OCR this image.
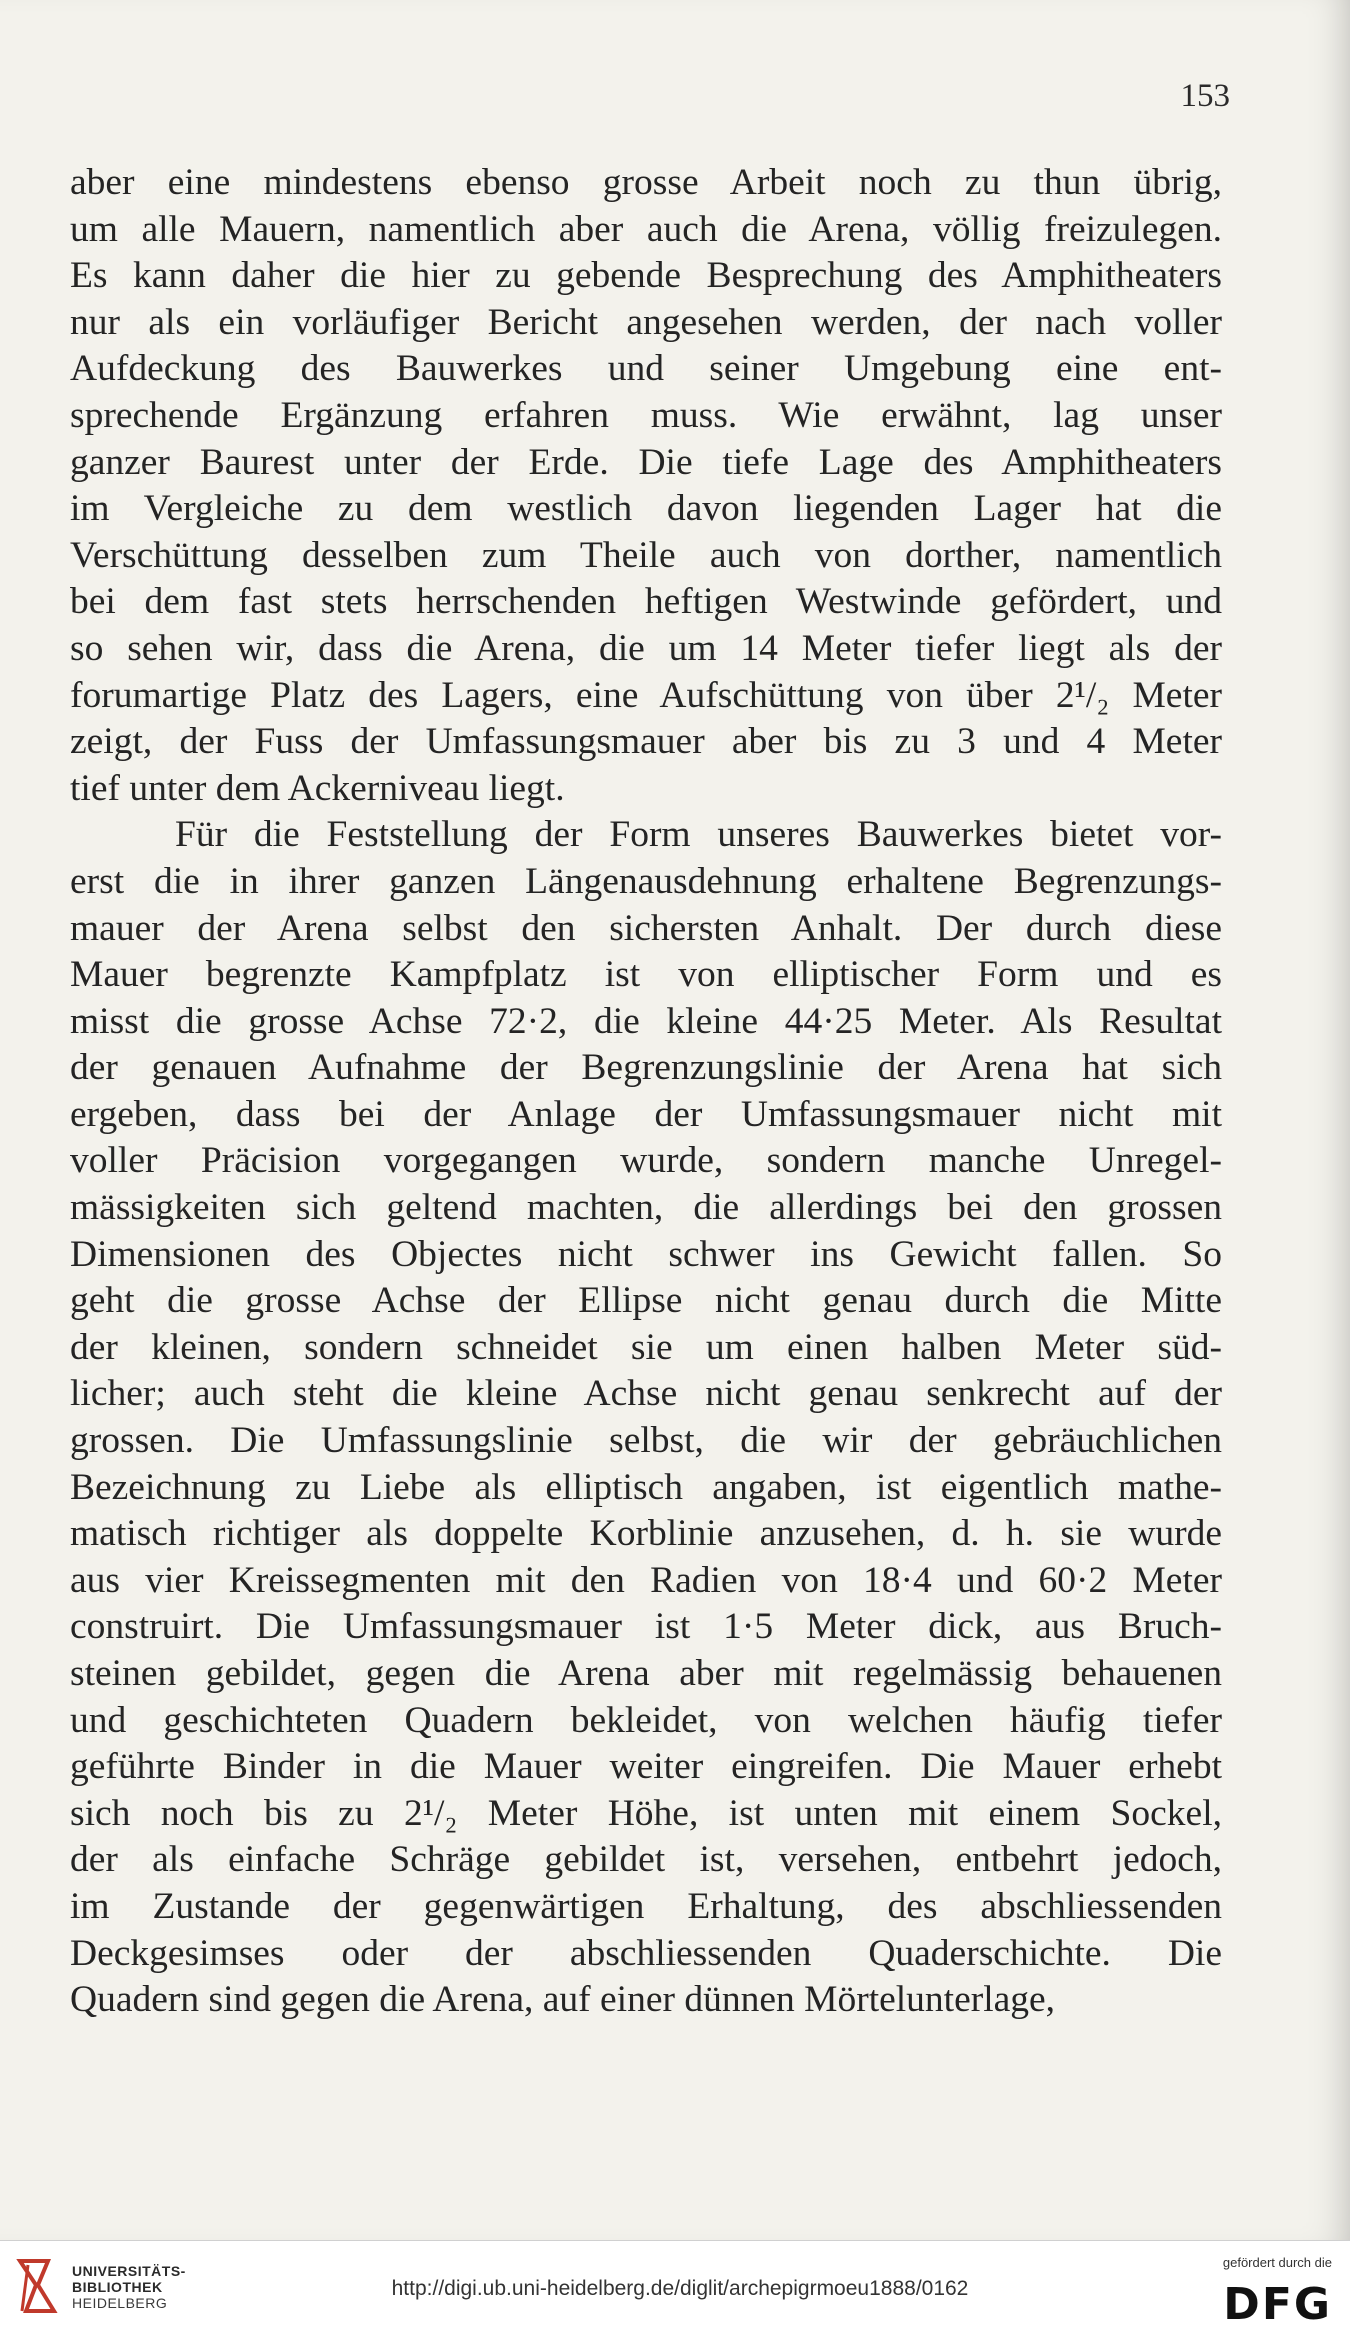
153
aber eine mindestens ebenso grosse Arbeit noch zu thun übrig,
um alle Mauern, namentlich aber auch die Arena, völlig freizulegen.
Es kann daher die hier zu gebende Besprechung des Amphitheaters
nur als ein vorläufiger Bericht angesehen werden, der nach voller
Aufdeckung des Bauwerkes und seiner Umgebung eine ent-
sprechende Ergänzung erfahren muss. Wie erwähnt, lag unser
ganzer Baurest unter der Erde. Die tiefe Lage des Amphitheaters
im Vergleiche zu dem westlich davon liegenden Lager hat die
Verschüttung desselben zum Theile auch von dorther, namentlich
bei dem fast stets herrschenden heftigen Westwinde gefördert, und
so sehen wir, dass die Arena, die um 14 Meter tiefer liegt als der
forumartige Platz des Lagers, eine Aufschüttung von über 2¹/₂ Meter
zeigt, der Fuss der Umfassungsmauer aber bis zu 3 und 4 Meter
tief unter dem Ackerniveau liegt.
Für die Feststellung der Form unseres Bauwerkes bietet vor-
erst die in ihrer ganzen Längenausdehnung erhaltene Begrenzungs-
mauer der Arena selbst den sichersten Anhalt. Der durch diese
Mauer begrenzte Kampfplatz ist von elliptischer Form und es
misst die grosse Achse 72·2, die kleine 44·25 Meter. Als Resultat
der genauen Aufnahme der Begrenzungslinie der Arena hat sich
ergeben, dass bei der Anlage der Umfassungsmauer nicht mit
voller Präcision vorgegangen wurde, sondern manche Unregel-
mässigkeiten sich geltend machten, die allerdings bei den grossen
Dimensionen des Objectes nicht schwer ins Gewicht fallen. So
geht die grosse Achse der Ellipse nicht genau durch die Mitte
der kleinen, sondern schneidet sie um einen halben Meter süd-
licher; auch steht die kleine Achse nicht genau senkrecht auf der
grossen. Die Umfassungslinie selbst, die wir der gebräuchlichen
Bezeichnung zu Liebe als elliptisch angaben, ist eigentlich mathe-
matisch richtiger als doppelte Korblinie anzusehen, d. h. sie wurde
aus vier Kreissegmenten mit den Radien von 18·4 und 60·2 Meter
construirt. Die Umfassungsmauer ist 1·5 Meter dick, aus Bruch-
steinen gebildet, gegen die Arena aber mit regelmässig behauenen
und geschichteten Quadern bekleidet, von welchen häufig tiefer
geführte Binder in die Mauer weiter eingreifen. Die Mauer erhebt
sich noch bis zu 2¹/₂ Meter Höhe, ist unten mit einem Sockel,
der als einfache Schräge gebildet ist, versehen, entbehrt jedoch,
im Zustande der gegenwärtigen Erhaltung, des abschliessenden
Deckgesimses oder der abschliessenden Quaderschichte. Die
Quadern sind gegen die Arena, auf einer dünnen Mörtelunterlage,
UNIVERSITÄTS-
BIBLIOTHEK
HEIDELBERG
http://digi.ub.uni-heidelberg.de/diglit/archepigrmoeu1888/0162
gefördert durch die
DFG
